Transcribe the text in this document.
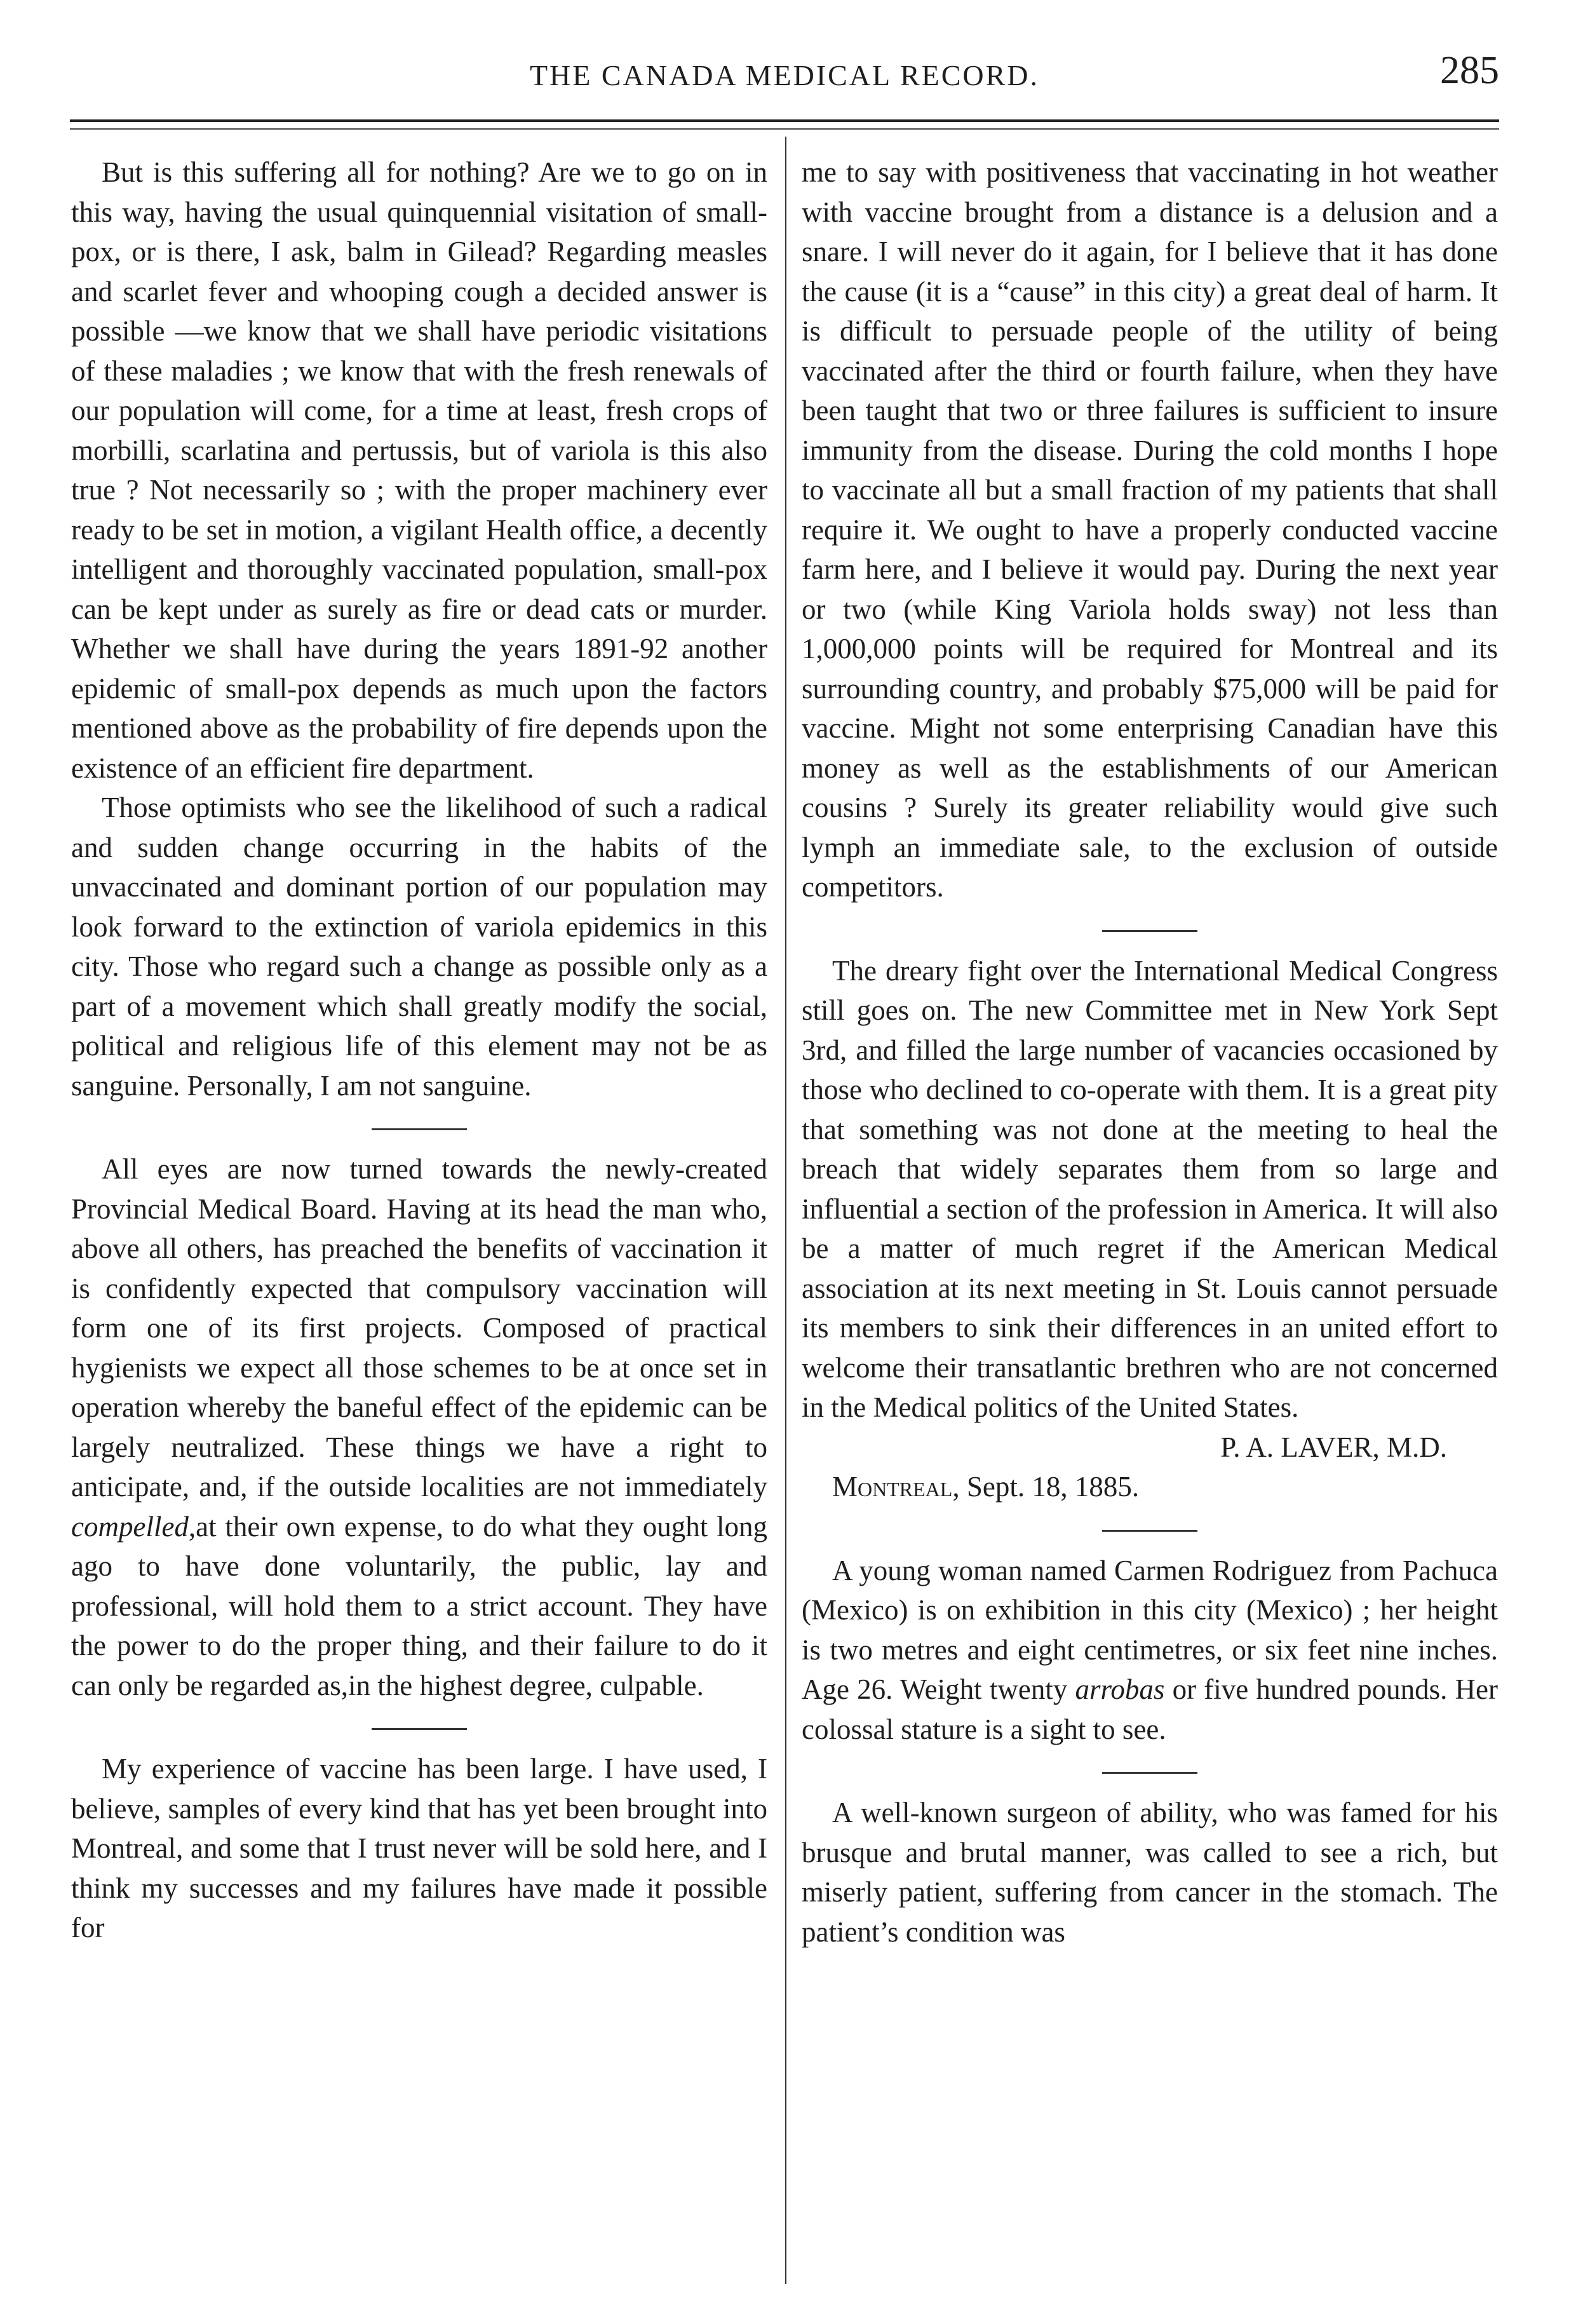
THE CANADA MEDICAL RECORD.	285

But is this suffering all for nothing? Are we to go on in this way, having the usual quinquennial visitation of small-pox, or is there, I ask, balm in Gilead? Regarding measles and scarlet fever and whooping cough a decided answer is possible —we know that we shall have periodic visitations of these maladies ; we know that with the fresh renewals of our population will come, for a time at least, fresh crops of morbilli, scarlatina and pertussis, but of variola is this also true ? Not necessarily so ; with the proper machinery ever ready to be set in motion, a vigilant Health office, a decently intelligent and thoroughly vaccinated population, small-pox can be kept under as surely as fire or dead cats or murder. Whether we shall have during the years 1891-92 another epidemic of small-pox depends as much upon the factors mentioned above as the probability of fire depends upon the existence of an efficient fire department.

Those optimists who see the likelihood of such a radical and sudden change occurring in the habits of the unvaccinated and dominant portion of our population may look forward to the extinction of variola epidemics in this city. Those who regard such a change as possible only as a part of a movement which shall greatly modify the social, political and religious life of this element may not be as sanguine. Personally, I am not sanguine.

All eyes are now turned towards the newly-created Provincial Medical Board. Having at its head the man who, above all others, has preached the benefits of vaccination it is confidently expected that compulsory vaccination will form one of its first projects. Composed of practical hygienists we expect all those schemes to be at once set in operation whereby the baneful effect of the epidemic can be largely neutralized. These things we have a right to anticipate, and, if the outside localities are not immediately compelled,at their own expense, to do what they ought long ago to have done voluntarily, the public, lay and professional, will hold them to a strict account. They have the power to do the proper thing, and their failure to do it can only be regarded as,in the highest degree, culpable.

My experience of vaccine has been large. I have used, I believe, samples of every kind that has yet been brought into Montreal, and some that I trust never will be sold here, and I think my successes and my failures have made it possible for

me to say with positiveness that vaccinating in hot weather with vaccine brought from a distance is a delusion and a snare. I will never do it again, for I believe that it has done the cause (it is a “cause” in this city) a great deal of harm. It is difficult to persuade people of the utility of being vaccinated after the third or fourth failure, when they have been taught that two or three failures is sufficient to insure immunity from the disease. During the cold months I hope to vaccinate all but a small fraction of my patients that shall require it. We ought to have a properly conducted vaccine farm here, and I believe it would pay. During the next year or two (while King Variola holds sway) not less than 1,000,000 points will be required for Montreal and its surrounding country, and probably $75,000 will be paid for vaccine. Might not some enterprising Canadian have this money as well as the establishments of our American cousins ? Surely its greater reliability would give such lymph an immediate sale, to the exclusion of outside competitors.

The dreary fight over the International Medical Congress still goes on. The new Committee met in New York Sept 3rd, and filled the large number of vacancies occasioned by those who declined to co-operate with them. It is a great pity that something was not done at the meeting to heal the breach that widely separates them from so large and influential a section of the profession in America. It will also be a matter of much regret if the American Medical association at its next meeting in St. Louis cannot persuade its members to sink their differences in an united effort to welcome their transatlantic brethren who are not concerned in the Medical politics of the United States.

P. A. LAVER, M.D.

Montreal, Sept. 18, 1885.

A young woman named Carmen Rodriguez from Pachuca (Mexico) is on exhibition in this city (Mexico) ; her height is two metres and eight centimetres, or six feet nine inches. Age 26. Weight twenty arrobas or five hundred pounds. Her colossal stature is a sight to see.

A well-known surgeon of ability, who was famed for his brusque and brutal manner, was called to see a rich, but miserly patient, suffering from cancer in the stomach. The patient’s condition was
